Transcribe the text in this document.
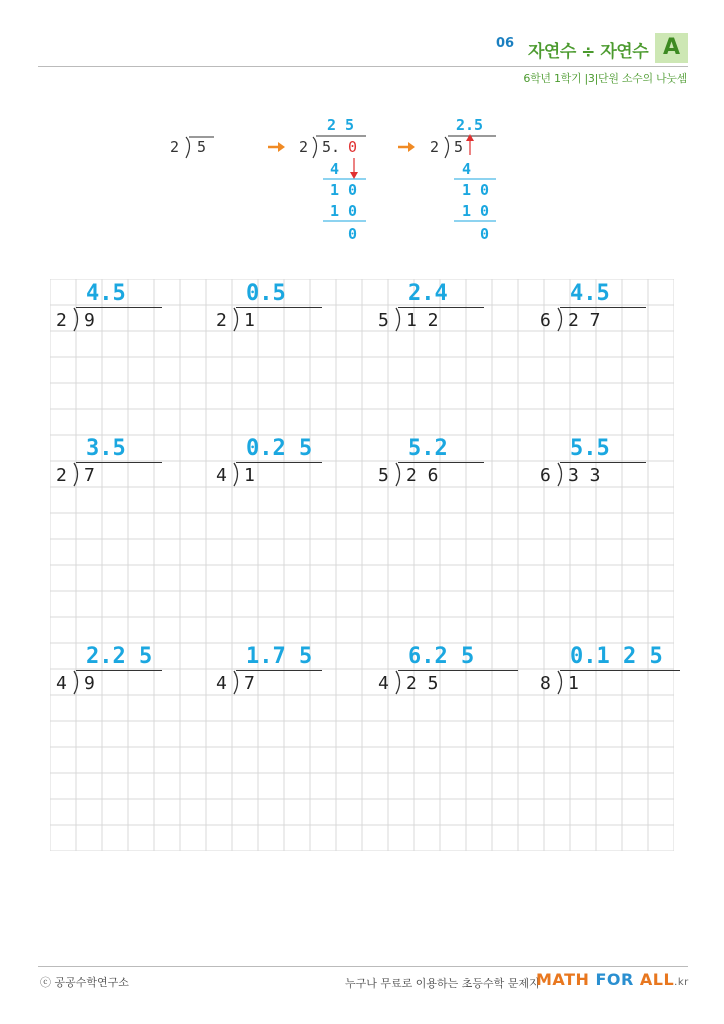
06 자연수 ÷ 자연수 A
6학년 1학기 |3|단원 소수의 나눗셈
2 5
2 5
2 5. 0
4
1 0
1 0
0
2.5
2 5
4
1 0
1 0
0
2 9
4.5
2 1
0.5
5 1 2
2.4
6 2 7
4.5
2 7
3.5
4 1
0.2 5
5 2 6
5.2
6 3 3
5.5
4 9
2.2 5
4 7
1.7 5
4 2 5
6.2 5
8 1
0.1 2 5
ⓒ 공공수학연구소	누구나 무료로 이용하는 초등수학 문제지
MATH FOR ALL.kr
